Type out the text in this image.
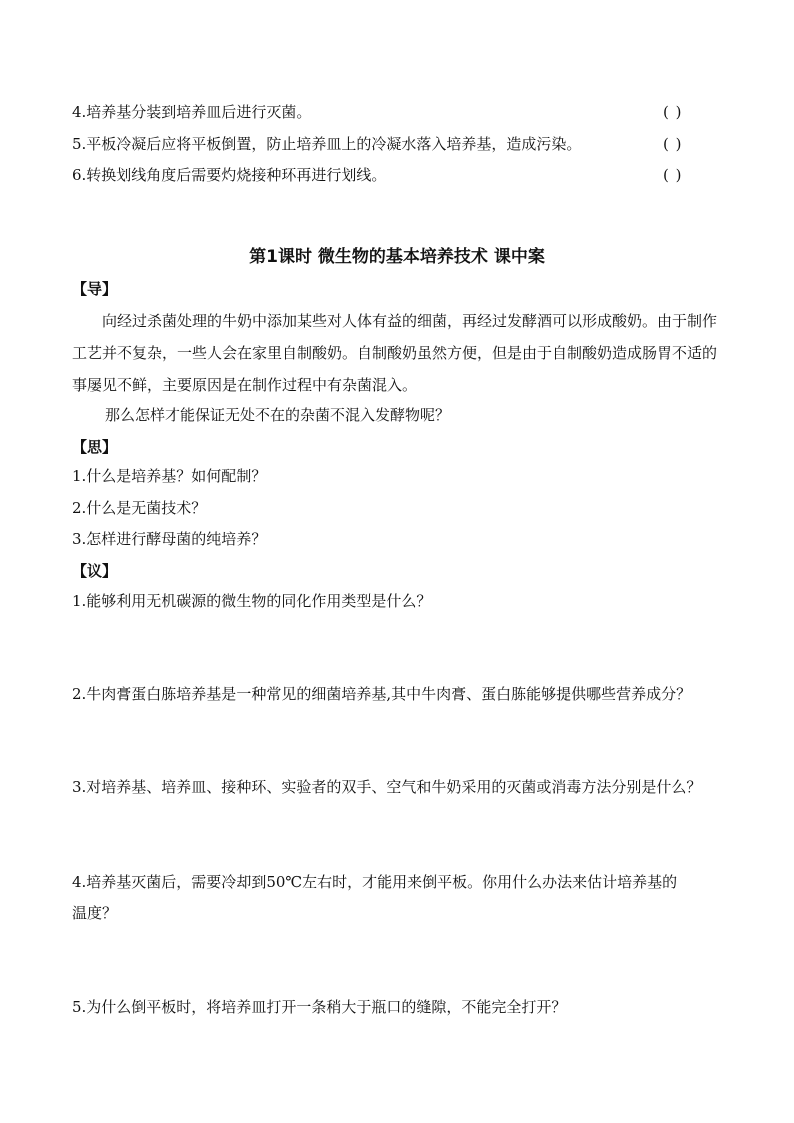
4.培养基分装到培养皿后进行灭菌。	( )
5.平板冷凝后应将平板倒置，防止培养皿上的冷凝水落入培养基，造成污染。	( )
6.转换划线角度后需要灼烧接种环再进行划线。	( )
第1课时 微生物的基本培养技术 课中案
【导】
向经过杀菌处理的牛奶中添加某些对人体有益的细菌，再经过发酵酒可以形成酸奶。由于制作工艺并不复杂，一些人会在家里自制酸奶。自制酸奶虽然方便，但是由于自制酸奶造成肠胃不适的事屡见不鲜，主要原因是在制作过程中有杂菌混入。
那么怎样才能保证无处不在的杂菌不混入发酵物呢？
【思】
1.什么是培养基？如何配制？
2.什么是无菌技术？
3.怎样进行酵母菌的纯培养？
【议】
1.能够利用无机碳源的微生物的同化作用类型是什么？
2.牛肉膏蛋白胨培养基是一种常见的细菌培养基,其中牛肉膏、蛋白胨能够提供哪些营养成分？
3.对培养基、培养皿、接种环、实验者的双手、空气和牛奶采用的灭菌或消毒方法分别是什么？
4.培养基灭菌后，需要冷却到50℃左右时，才能用来倒平板。你用什么办法来估计培养基的
温度？
5.为什么倒平板时，将培养皿打开一条稍大于瓶口的缝隙，不能完全打开？
